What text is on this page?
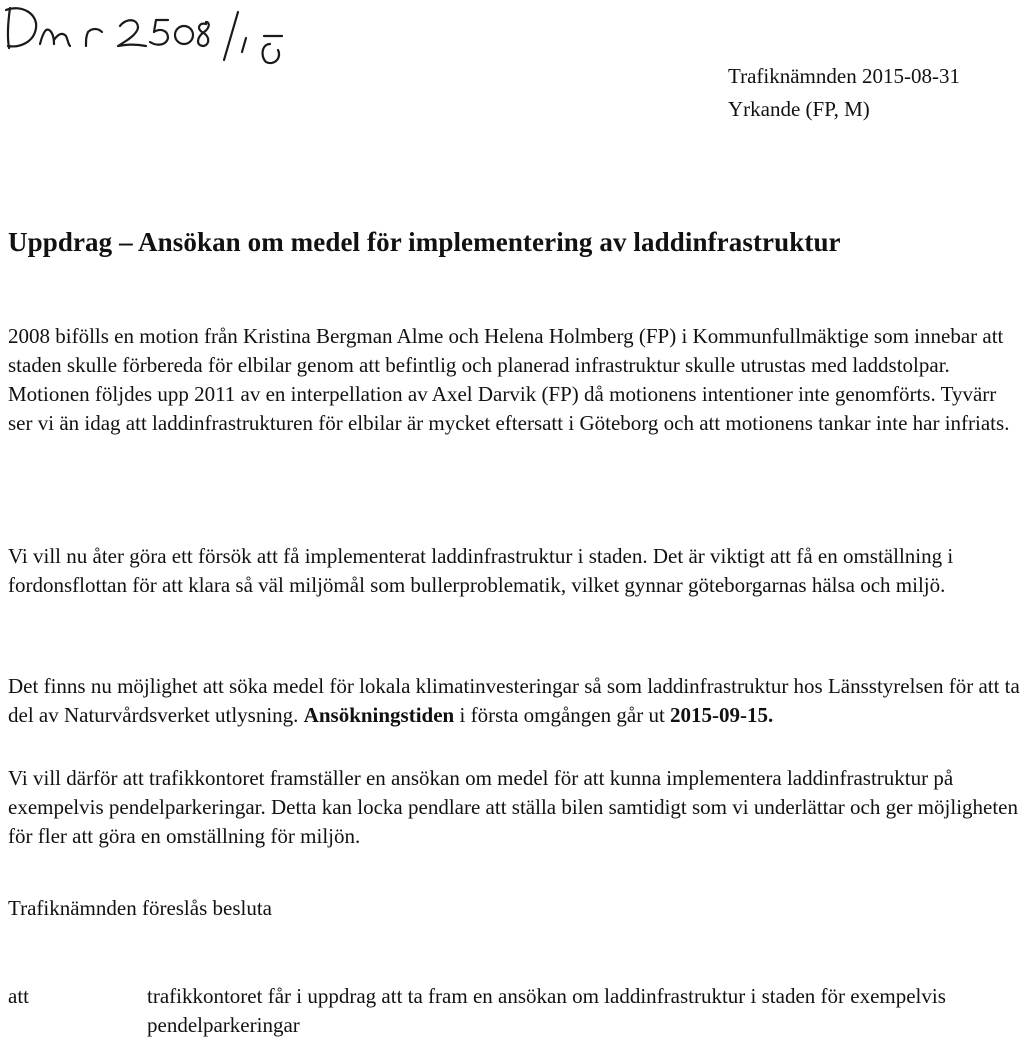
Trafiknämnden 2015-08-31
Yrkande (FP, M)
Uppdrag – Ansökan om medel för implementering av laddinfrastruktur

2008 bifölls en motion från Kristina Bergman Alme och Helena Holmberg (FP) i Kommunfullmäktige som innebar att staden skulle förbereda för elbilar genom att befintlig och planerad infrastruktur skulle utrustas med laddstolpar. Motionen följdes upp 2011 av en interpellation av Axel Darvik (FP) då motionens intentioner inte genomförts. Tyvärr ser vi än idag att laddinfrastrukturen för elbilar är mycket eftersatt i Göteborg och att motionens tankar inte har infriats.

Vi vill nu åter göra ett försök att få implementerat laddinfrastruktur i staden. Det är viktigt att få en omställning i fordonsflottan för att klara så väl miljömål som bullerproblematik, vilket gynnar göteborgarnas hälsa och miljö.

Det finns nu möjlighet att söka medel för lokala klimatinvesteringar så som laddinfrastruktur hos Länsstyrelsen för att ta del av Naturvårdsverket utlysning. Ansökningstiden i första omgången går ut 2015-09-15.

Vi vill därför att trafikkontoret framställer en ansökan om medel för att kunna implementera laddinfrastruktur på exempelvis pendelparkeringar. Detta kan locka pendlare att ställa bilen samtidigt som vi underlättar och ger möjligheten för fler att göra en omställning för miljön.

Trafiknämnden föreslås besluta

att	trafikkontoret får i uppdrag att ta fram en ansökan om laddinfrastruktur i staden för exempelvis pendelparkeringar
